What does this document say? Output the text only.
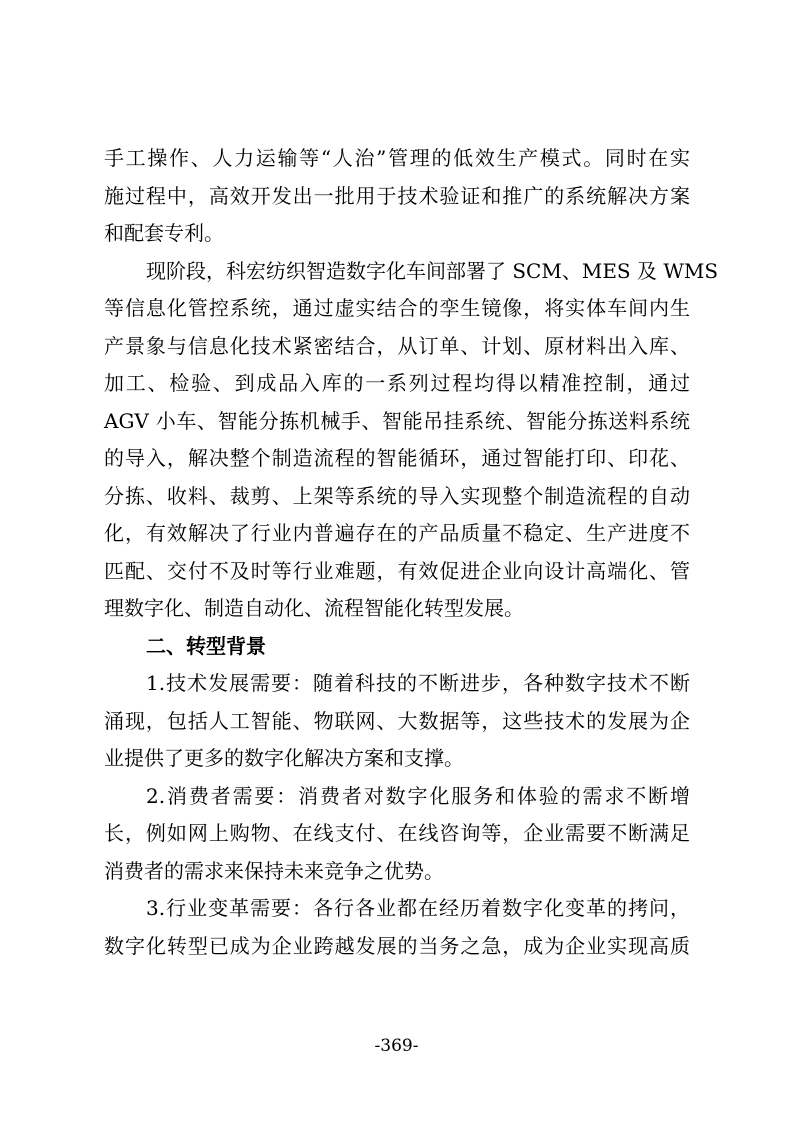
手工操作、人力运输等“人治”管理的低效生产模式。同时在实
施过程中，高效开发出一批用于技术验证和推广的系统解决方案
和配套专利。
现阶段，科宏纺织智造数字化车间部署了 SCM、MES 及 WMS
等信息化管控系统，通过虚实结合的孪生镜像，将实体车间内生
产景象与信息化技术紧密结合，从订单、计划、原材料出入库、
加工、检验、到成品入库的一系列过程均得以精准控制，通过
AGV 小车、智能分拣机械手、智能吊挂系统、智能分拣送料系统
的导入，解决整个制造流程的智能循环，通过智能打印、印花、
分拣、收料、裁剪、上架等系统的导入实现整个制造流程的自动
化，有效解决了行业内普遍存在的产品质量不稳定、生产进度不
匹配、交付不及时等行业难题，有效促进企业向设计高端化、管
理数字化、制造自动化、流程智能化转型发展。
二、转型背景
1.技术发展需要：随着科技的不断进步，各种数字技术不断
涌现，包括人工智能、物联网、大数据等，这些技术的发展为企
业提供了更多的数字化解决方案和支撑。
2.消费者需要：消费者对数字化服务和体验的需求不断增
长，例如网上购物、在线支付、在线咨询等，企业需要不断满足
消费者的需求来保持未来竞争之优势。
3.行业变革需要：各行各业都在经历着数字化变革的拷问，
数字化转型已成为企业跨越发展的当务之急，成为企业实现高质
-369-
